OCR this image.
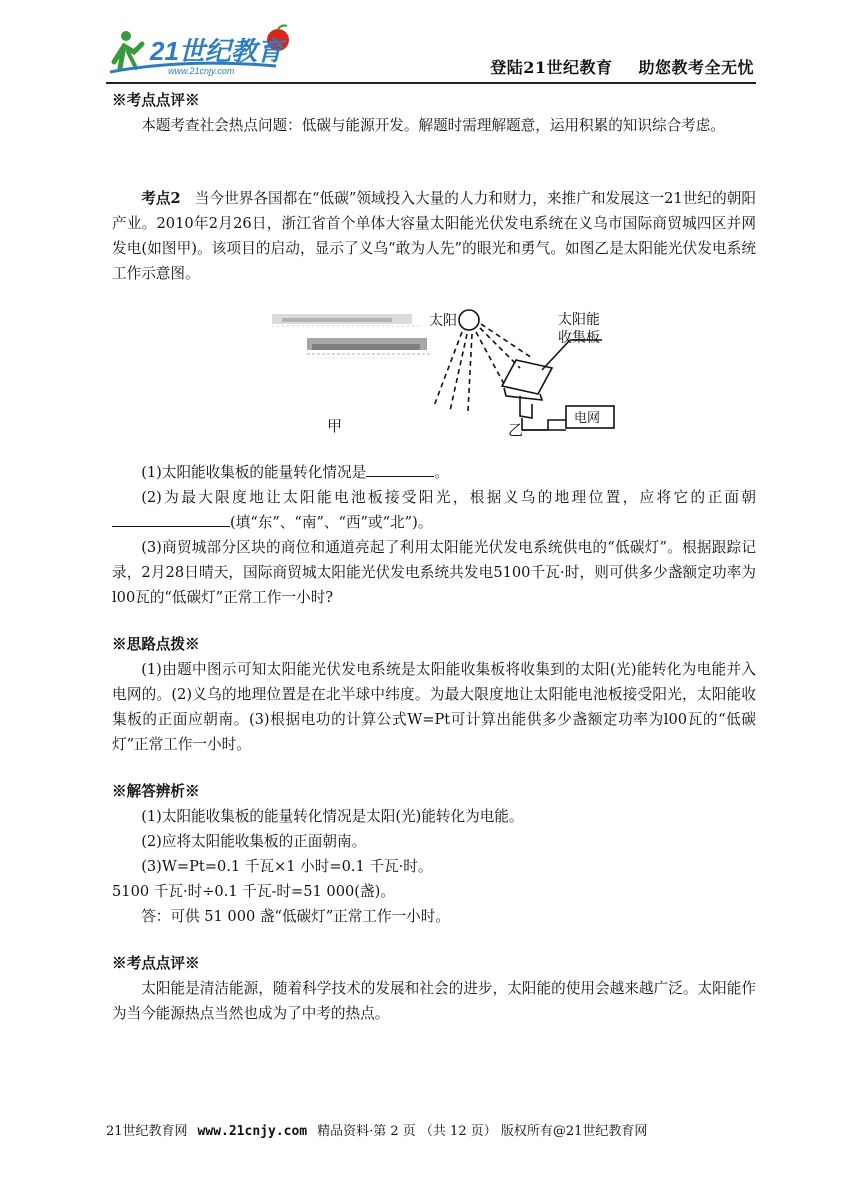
21世纪教育
www.21cnjy.com	登陆21世纪教育 助您教考全无忧

※考点点评※

本题考查社会热点问题：低碳与能源开发。解题时需理解题意，运用积累的知识综合考虑。

考点2 当今世界各国都在“低碳”领域投入大量的人力和财力，来推广和发展这一21世纪的朝阳产业。2010年2月26日，浙江省首个单体大容量太阳能光伏发电系统在义乌市国际商贸城四区并网发电(如图甲)。该项目的启动，显示了义乌“敢为人先”的眼光和勇气。如图乙是太阳能光伏发电系统工作示意图。

太阳	太阳能
收集板
电网
甲	乙

(1)太阳能收集板的能量转化情况是	。

(2)为最大限度地让太阳能电池板接受阳光，根据义乌的地理位置，应将它的正面朝(填“东”、“南”、“西”或“北”)。

(3)商贸城部分区块的商位和通道亮起了利用太阳能光伏发电系统供电的“低碳灯”。根据跟踪记录，2月28日晴天，国际商贸城太阳能光伏发电系统共发电5100千瓦·时，则可供多少盏额定功率为l00瓦的“低碳灯”正常工作一小时?

※思路点拨※

(1)由题中图示可知太阳能光伏发电系统是太阳能收集板将收集到的太阳(光)能转化为电能并入电网的。(2)义乌的地理位置是在北半球中纬度。为最大限度地让太阳能电池板接受阳光，太阳能收集板的正面应朝南。(3)根据电功的计算公式W=Pt可计算出能供多少盏额定功率为l00瓦的“低碳灯”正常工作一小时。

※解答辨析※

(1)太阳能收集板的能量转化情况是太阳(光)能转化为电能。

(2)应将太阳能收集板的正面朝南。

(3)W=Pt=0.1 千瓦×1 小时=0.1 千瓦·时。

5100 千瓦·时÷0.1 千瓦-时=51 000(盏)。

答：可供 51 000 盏“低碳灯”正常工作一小时。

※考点点评※

太阳能是清洁能源，随着科学技术的发展和社会的进步，太阳能的使用会越来越广泛。太阳能作为当今能源热点当然也成为了中考的热点。

21世纪教育网 www.21cnjy.com 精品资料·第 2 页 （共 12 页） 版权所有@21世纪教育网
